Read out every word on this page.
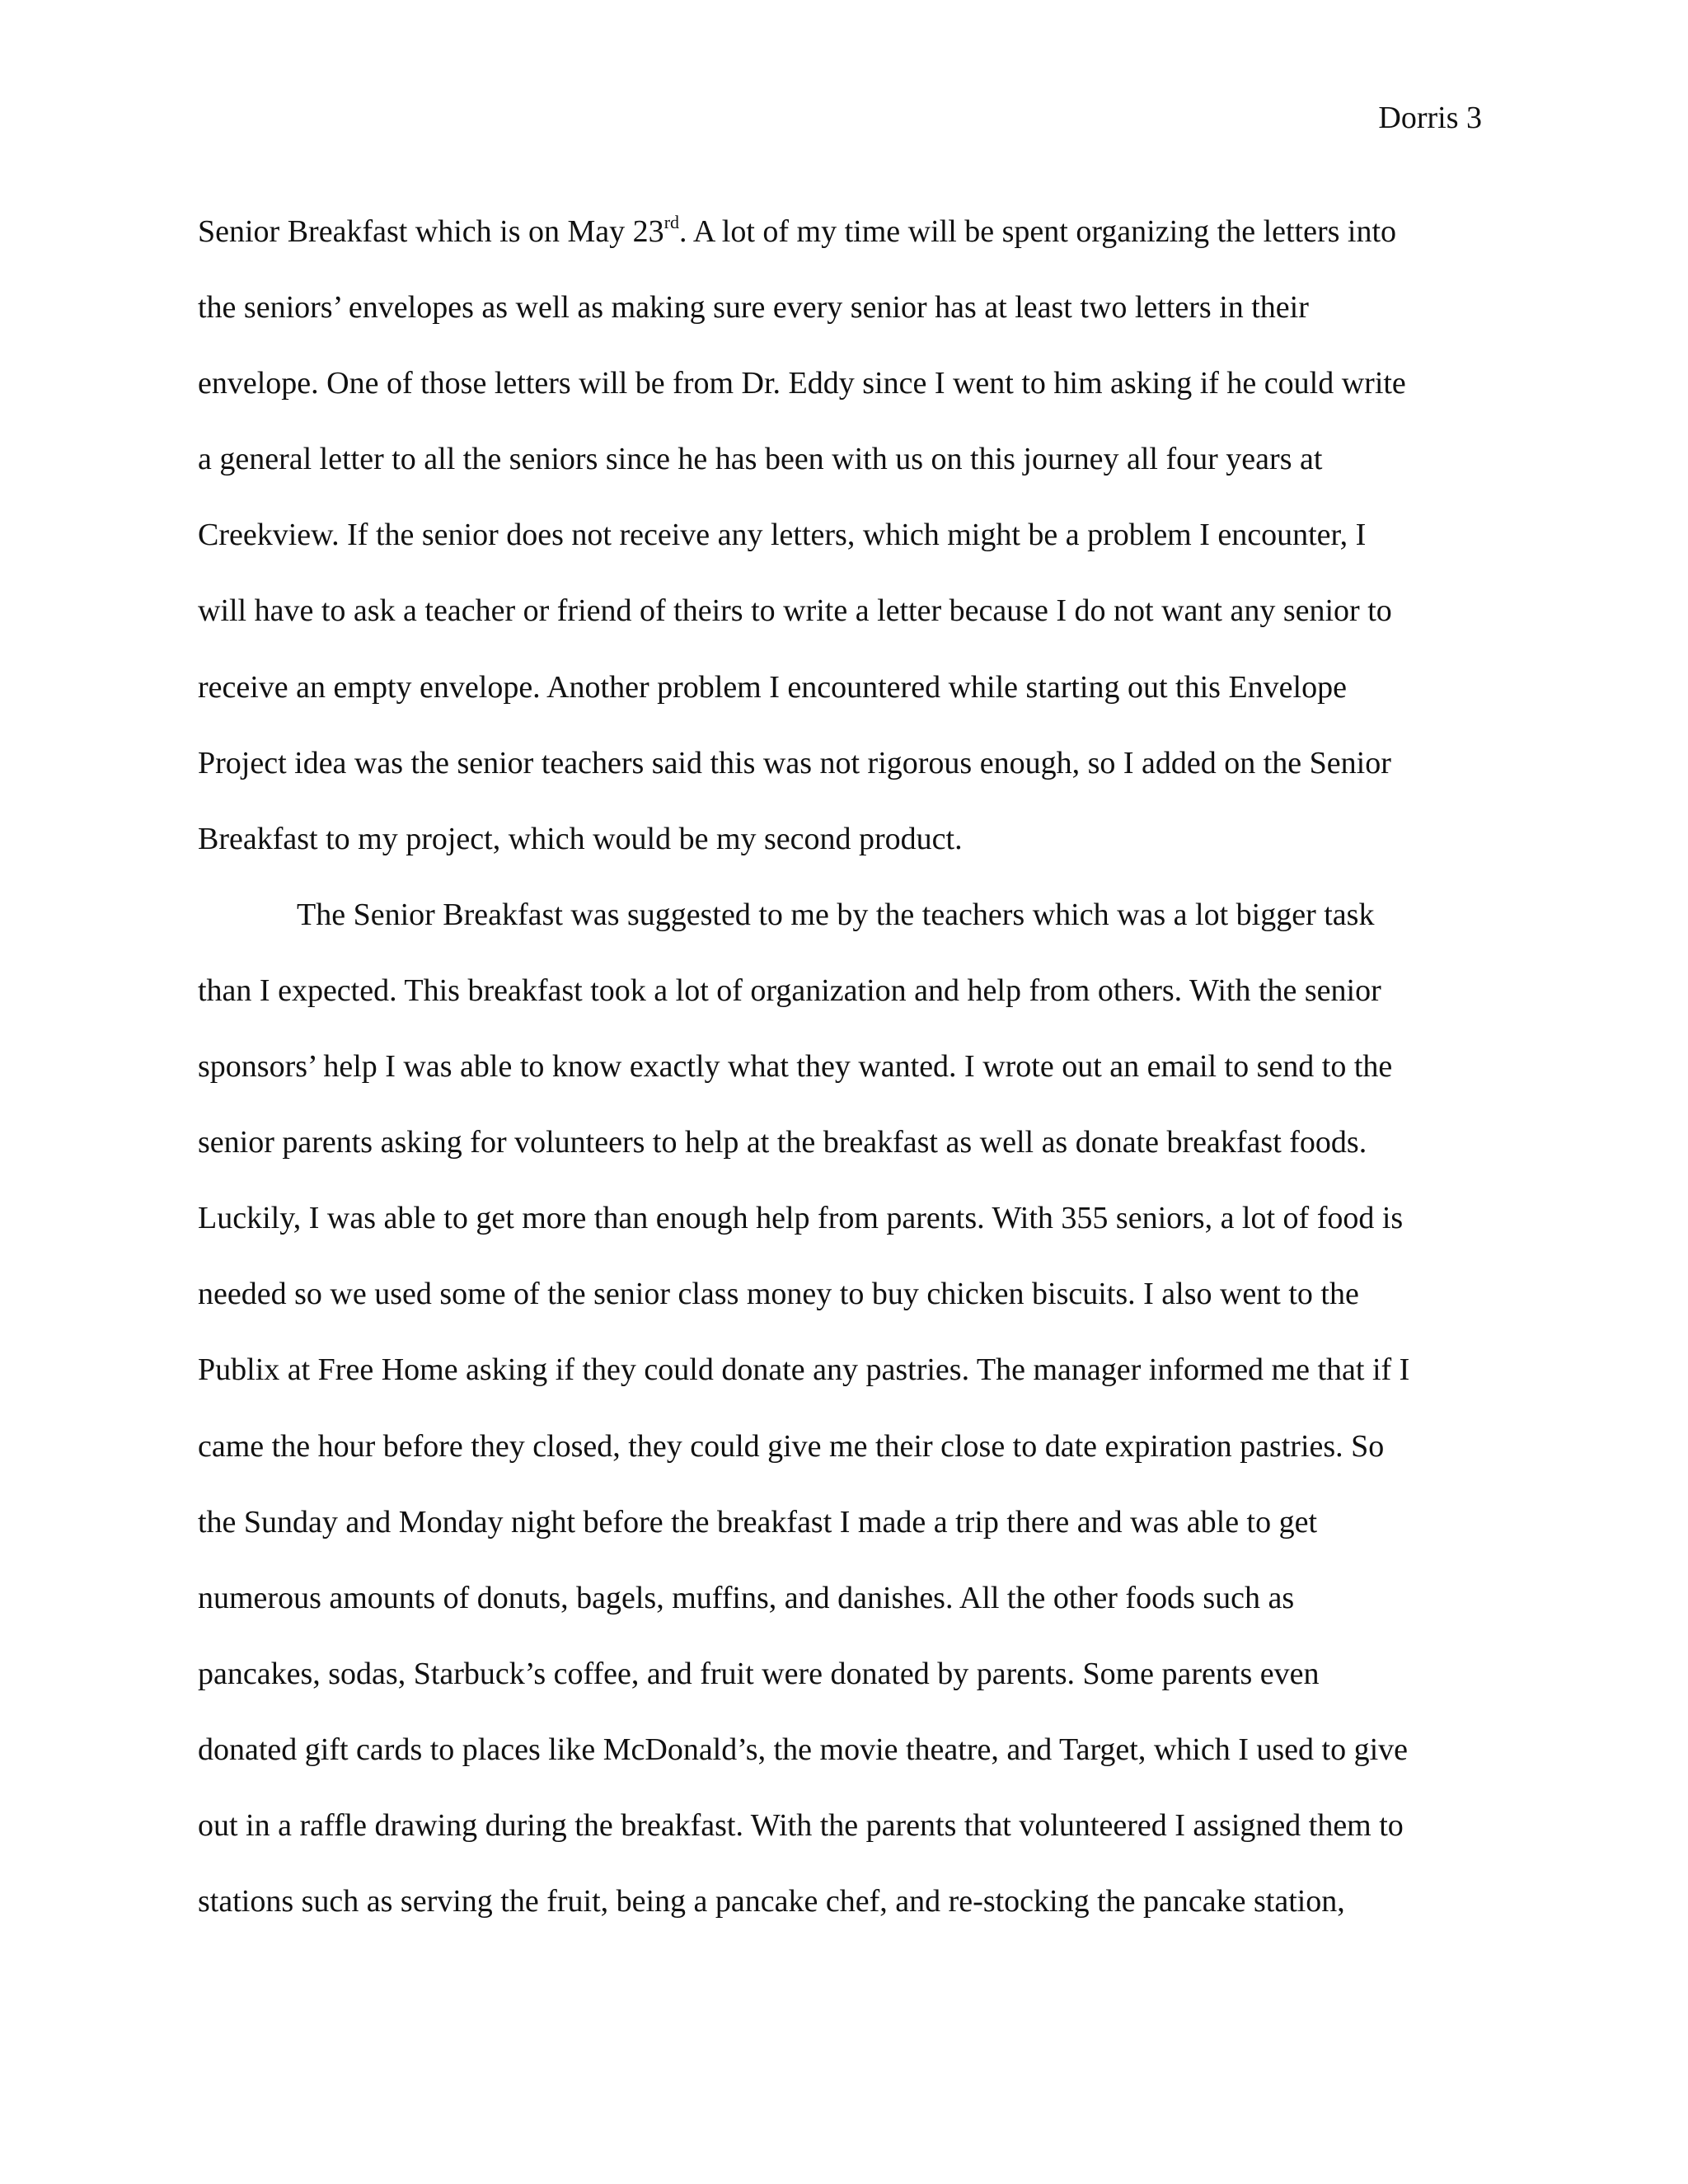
Dorris 3
Senior Breakfast which is on May 23rd. A lot of my time will be spent organizing the letters into
the seniors’ envelopes as well as making sure every senior has at least two letters in their
envelope. One of those letters will be from Dr. Eddy since I went to him asking if he could write
a general letter to all the seniors since he has been with us on this journey all four years at
Creekview. If the senior does not receive any letters, which might be a problem I encounter, I
will have to ask a teacher or friend of theirs to write a letter because I do not want any senior to
receive an empty envelope. Another problem I encountered while starting out this Envelope
Project idea was the senior teachers said this was not rigorous enough, so I added on the Senior
Breakfast to my project, which would be my second product.
The Senior Breakfast was suggested to me by the teachers which was a lot bigger task
than I expected. This breakfast took a lot of organization and help from others. With the senior
sponsors’ help I was able to know exactly what they wanted. I wrote out an email to send to the
senior parents asking for volunteers to help at the breakfast as well as donate breakfast foods.
Luckily, I was able to get more than enough help from parents. With 355 seniors, a lot of food is
needed so we used some of the senior class money to buy chicken biscuits. I also went to the
Publix at Free Home asking if they could donate any pastries. The manager informed me that if I
came the hour before they closed, they could give me their close to date expiration pastries. So
the Sunday and Monday night before the breakfast I made a trip there and was able to get
numerous amounts of donuts, bagels, muffins, and danishes. All the other foods such as
pancakes, sodas, Starbuck’s coffee, and fruit were donated by parents. Some parents even
donated gift cards to places like McDonald’s, the movie theatre, and Target, which I used to give
out in a raffle drawing during the breakfast. With the parents that volunteered I assigned them to
stations such as serving the fruit, being a pancake chef, and re-stocking the pancake station,
